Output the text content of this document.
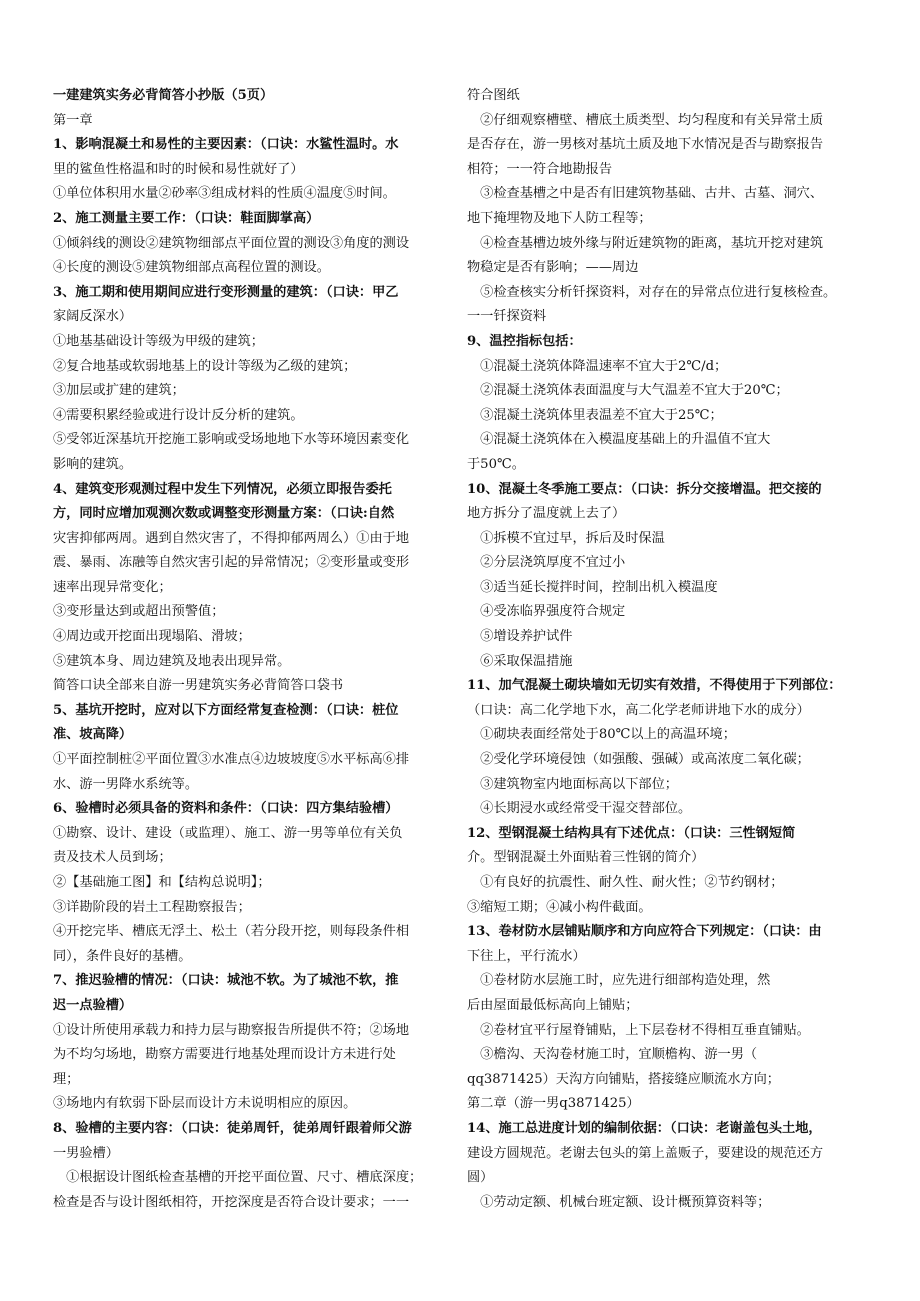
一建建筑实务必背简答小抄版（5页）

第一章

1、影响混凝土和易性的主要因素：（口诀：水鲨性温时。水

里的鲨鱼性格温和时的时候和易性就好了）

①单位体积用水量②砂率③组成材料的性质④温度⑤时间。

2、施工测量主要工作：（口诀：鞋面脚掌高）

①倾斜线的测设②建筑物细部点平面位置的测设③角度的测设

④长度的测设⑤建筑物细部点高程位置的测设。

3、施工期和使用期间应进行变形测量的建筑：（口诀：甲乙

家阔反深水）

①地基基础设计等级为甲级的建筑；

②复合地基或软弱地基上的设计等级为乙级的建筑；

③加层或扩建的建筑；

④需要积累经验或进行设计反分析的建筑。

⑤受邻近深基坑开挖施工影响或受场地地下水等环境因素变化

影响的建筑。

4、建筑变形观测过程中发生下列情况，必须立即报告委托

方，同时应增加观测次数或调整变形测量方案：（口诀:自然

灾害抑郁两周。遇到自然灾害了，不得抑郁两周么）①由于地

震、暴雨、冻融等自然灾害引起的异常情况；②变形量或变形

速率出现异常变化；

③变形量达到或超出预警值；

④周边或开挖面出现塌陷、滑坡；

⑤建筑本身、周边建筑及地表出现异常。

简答口诀全部来自游一男建筑实务必背简答口袋书

5、基坑开挖时，应对以下方面经常复查检测：（口诀：桩位

准、坡高降）

①平面控制桩②平面位置③水准点④边坡坡度⑤水平标高⑥排

水、游一男降水系统等。

6、验槽时必须具备的资料和条件：（口诀：四方集结验槽）

①勘察、设计、建设（或监理）、施工、游一男等单位有关负

责及技术人员到场；

②【基础施工图】和【结构总说明】；

③详勘阶段的岩土工程勘察报告；

④开挖完毕、槽底无浮土、松土（若分段开挖，则每段条件相

同），条件良好的基槽。

7、推迟验槽的情况：（口诀：城池不软。为了城池不软，推

迟一点验槽）

①设计所使用承载力和持力层与勘察报告所提供不符；②场地

为不均匀场地，勘察方需要进行地基处理而设计方未进行处

理；

③场地内有软弱下卧层而设计方未说明相应的原因。

8、验槽的主要内容：（口诀：徒弟周钎，徒弟周钎跟着师父游

一男验槽）

　①根据设计图纸检查基槽的开挖平面位置、尺寸、槽底深度；

检查是否与设计图纸相符，开挖深度是否符合设计要求；一一

符合图纸

　②仔细观察槽壁、槽底土质类型、均匀程度和有关异常土质

是否存在，游一男核对基坑土质及地下水情况是否与勘察报告

相符；一一符合地勘报告

　③检查基槽之中是否有旧建筑物基础、古井、古墓、洞穴、

地下掩埋物及地下人防工程等；

　④检查基槽边坡外缘与附近建筑物的距离，基坑开挖对建筑

物稳定是否有影响；——周边

　⑤检查核实分析钎探资料，对存在的异常点位进行复核检查。

一一钎探资料

9、温控指标包括：

　①混凝土浇筑体降温速率不宜大于2℃/d；

　②混凝土浇筑体表面温度与大气温差不宜大于20℃；

　③混凝土浇筑体里表温差不宜大于25℃；

　④混凝土浇筑体在入模温度基础上的升温值不宜大

于50℃。

10、混凝土冬季施工要点：（口诀：拆分交接增温。把交接的

地方拆分了温度就上去了）

　①拆模不宜过早，拆后及时保温

　②分层浇筑厚度不宜过小

　③适当延长搅拌时间，控制出机入模温度

　④受冻临界强度符合规定

　⑤增设养护试件

　⑥采取保温措施

11、加气混凝土砌块墙如无切实有效措，不得使用于下列部位：

（口诀：高二化学地下水，高二化学老师讲地下水的成分）

　①砌块表面经常处于80℃以上的高温环境；

　②受化学环境侵蚀（如强酸、强碱）或高浓度二氧化碳；

　③建筑物室内地面标高以下部位；

　④长期浸水或经常受干湿交替部位。

12、型钢混凝土结构具有下述优点：（口诀：三性钢短简

介。型钢混凝土外面贴着三性钢的简介）

　①有良好的抗震性、耐久性、耐火性；②节约钢材；

③缩短工期；④减小构件截面。

13、卷材防水层铺贴顺序和方向应符合下列规定：（口诀：由

下往上，平行流水）

　①卷材防水层施工时，应先进行细部构造处理，然

后由屋面最低标高向上铺贴；

　②卷材宜平行屋脊铺贴，上下层卷材不得相互垂直铺贴。

　③檐沟、天沟卷材施工时，宜顺檐构、游一男（

qq3871425）天沟方向铺贴，搭接缝应顺流水方向；

第二章（游一男q3871425）

14、施工总进度计划的编制依据：（口诀：老谢盖包头土地，

建设方圆规范。老谢去包头的第上盖贩子，要建设的规范还方

圆）

　①劳动定额、机械台班定额、设计概预算资料等；
